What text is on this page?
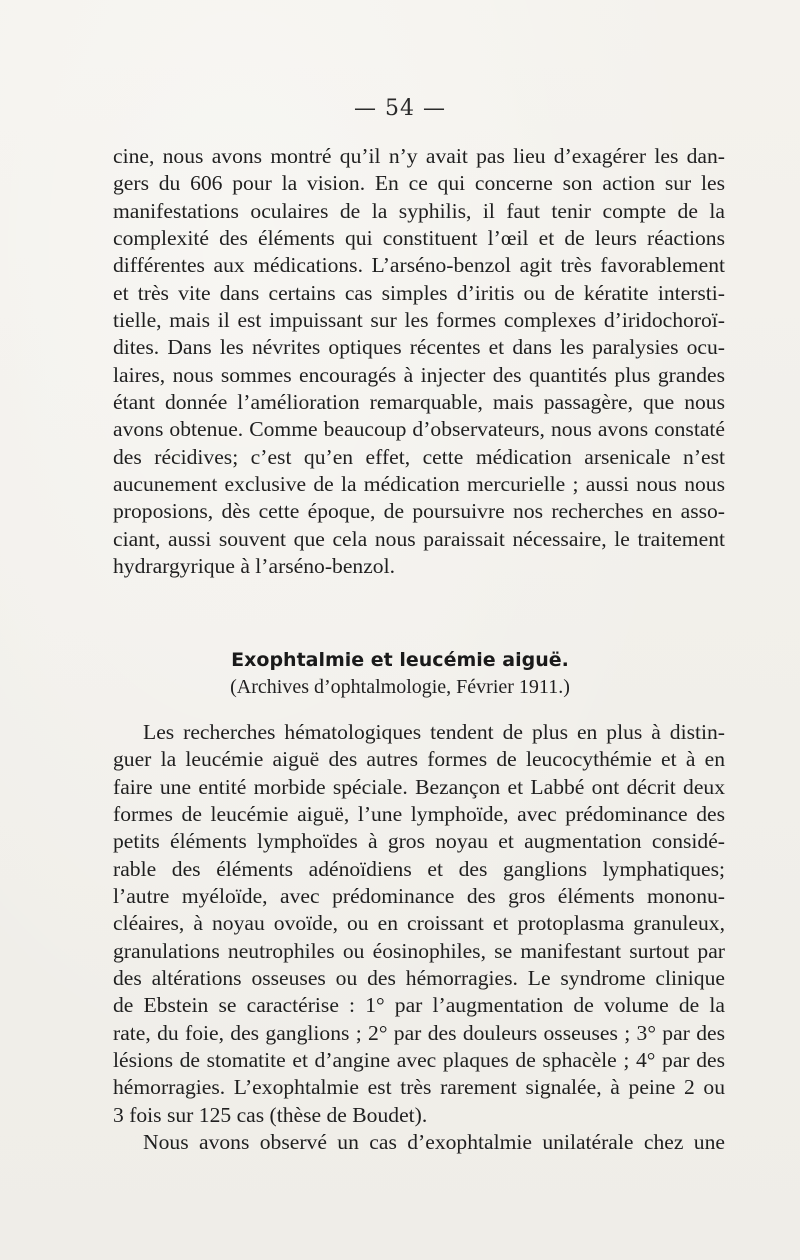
— 54 —
cine, nous avons montré qu’il n’y avait pas lieu d’exagérer les dan-
gers du 606 pour la vision. En ce qui concerne son action sur les
manifestations oculaires de la syphilis, il faut tenir compte de la
complexité des éléments qui constituent l’œil et de leurs réactions
différentes aux médications. L’arséno-benzol agit très favorablement
et très vite dans certains cas simples d’iritis ou de kératite intersti-
tielle, mais il est impuissant sur les formes complexes d’iridochoroï-
dites. Dans les névrites optiques récentes et dans les paralysies ocu-
laires, nous sommes encouragés à injecter des quantités plus grandes
étant donnée l’amélioration remarquable, mais passagère, que nous
avons obtenue. Comme beaucoup d’observateurs, nous avons constaté
des récidives; c’est qu’en effet, cette médication arsenicale n’est
aucunement exclusive de la médication mercurielle ; aussi nous nous
proposions, dès cette époque, de poursuivre nos recherches en asso-
ciant, aussi souvent que cela nous paraissait nécessaire, le traitement
hydrargyrique à l’arséno-benzol.
Exophtalmie et leucémie aiguë.
(Archives d’ophtalmologie, Février 1911.)
Les recherches hématologiques tendent de plus en plus à distin-
guer la leucémie aiguë des autres formes de leucocythémie et à en
faire une entité morbide spéciale. Bezançon et Labbé ont décrit deux
formes de leucémie aiguë, l’une lymphoïde, avec prédominance des
petits éléments lymphoïdes à gros noyau et augmentation considé-
rable des éléments adénoïdiens et des ganglions lymphatiques;
l’autre myéloïde, avec prédominance des gros éléments mononu-
cléaires, à noyau ovoïde, ou en croissant et protoplasma granuleux,
granulations neutrophiles ou éosinophiles, se manifestant surtout par
des altérations osseuses ou des hémorragies. Le syndrome clinique
de Ebstein se caractérise : 1° par l’augmentation de volume de la
rate, du foie, des ganglions ; 2° par des douleurs osseuses ; 3° par des
lésions de stomatite et d’angine avec plaques de sphacèle ; 4° par des
hémorragies. L’exophtalmie est très rarement signalée, à peine 2 ou
3 fois sur 125 cas (thèse de Boudet).
Nous avons observé un cas d’exophtalmie unilatérale chez une
